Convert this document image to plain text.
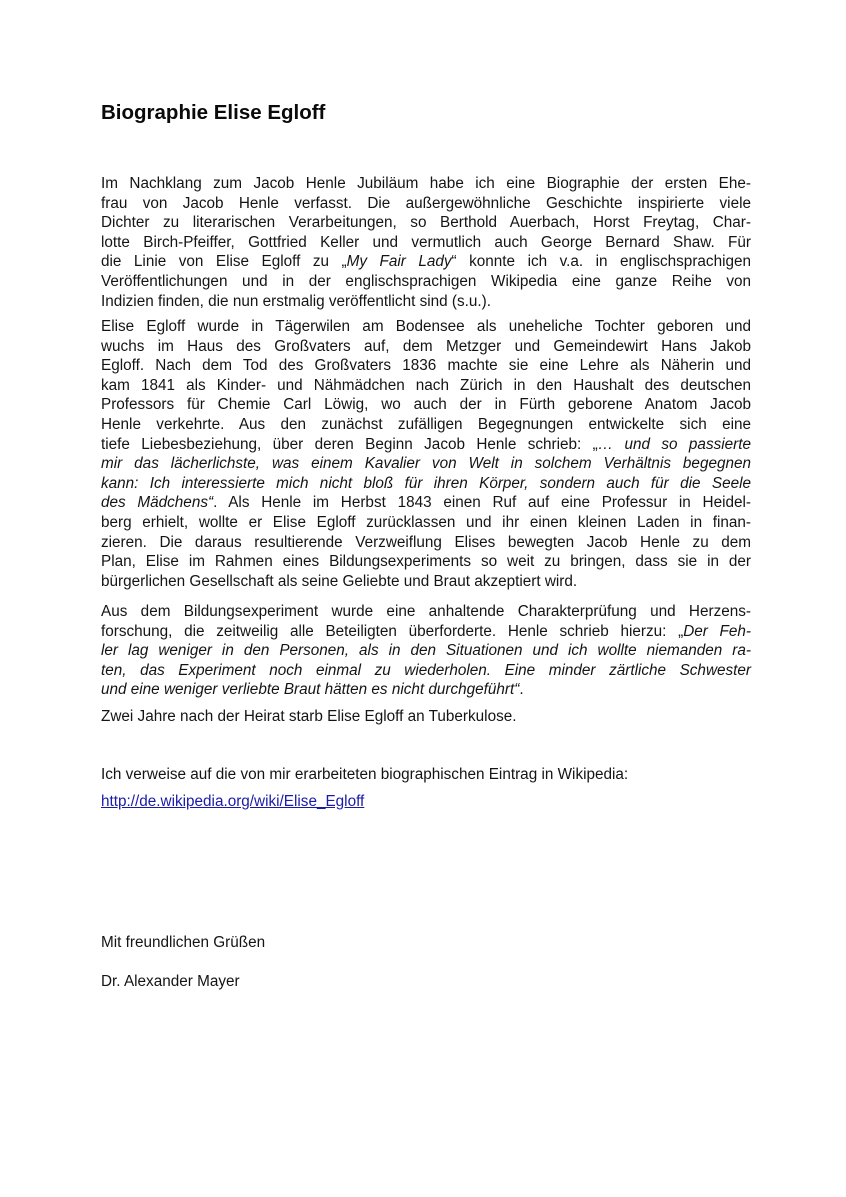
Biographie Elise Egloff
Im Nachklang zum Jacob Henle Jubiläum habe ich eine Biographie der ersten Ehe-
frau von Jacob Henle verfasst. Die außergewöhnliche Geschichte inspirierte viele
Dichter zu literarischen Verarbeitungen, so Berthold Auerbach, Horst Freytag, Char-
lotte Birch-Pfeiffer, Gottfried Keller und vermutlich auch George Bernard Shaw. Für
die Linie von Elise Egloff zu „My Fair Lady“ konnte ich v.a. in englischsprachigen
Veröffentlichungen und in der englischsprachigen Wikipedia eine ganze Reihe von
Indizien finden, die nun erstmalig veröffentlicht sind (s.u.).
Elise Egloff wurde in Tägerwilen am Bodensee als uneheliche Tochter geboren und
wuchs im Haus des Großvaters auf, dem Metzger und Gemeindewirt Hans Jakob
Egloff. Nach dem Tod des Großvaters 1836 machte sie eine Lehre als Näherin und
kam 1841 als Kinder- und Nähmädchen nach Zürich in den Haushalt des deutschen
Professors für Chemie Carl Löwig, wo auch der in Fürth geborene Anatom Jacob
Henle verkehrte. Aus den zunächst zufälligen Begegnungen entwickelte sich eine
tiefe Liebesbeziehung, über deren Beginn Jacob Henle schrieb: „… und so passierte
mir das lächerlichste, was einem Kavalier von Welt in solchem Verhältnis begegnen
kann: Ich interessierte mich nicht bloß für ihren Körper, sondern auch für die Seele
des Mädchens“. Als Henle im Herbst 1843 einen Ruf auf eine Professur in Heidel-
berg erhielt, wollte er Elise Egloff zurücklassen und ihr einen kleinen Laden in finan-
zieren. Die daraus resultierende Verzweiflung Elises bewegten Jacob Henle zu dem
Plan, Elise im Rahmen eines Bildungsexperiments so weit zu bringen, dass sie in der
bürgerlichen Gesellschaft als seine Geliebte und Braut akzeptiert wird.
Aus dem Bildungsexperiment wurde eine anhaltende Charakterprüfung und Herzens-
forschung, die zeitweilig alle Beteiligten überforderte. Henle schrieb hierzu: „Der Feh-
ler lag weniger in den Personen, als in den Situationen und ich wollte niemanden ra-
ten, das Experiment noch einmal zu wiederholen. Eine minder zärtliche Schwester
und eine weniger verliebte Braut hätten es nicht durchgeführt“.
Zwei Jahre nach der Heirat starb Elise Egloff an Tuberkulose.
Ich verweise auf die von mir erarbeiteten biographischen Eintrag in Wikipedia:
http://de.wikipedia.org/wiki/Elise_Egloff
Mit freundlichen Grüßen
Dr. Alexander Mayer
